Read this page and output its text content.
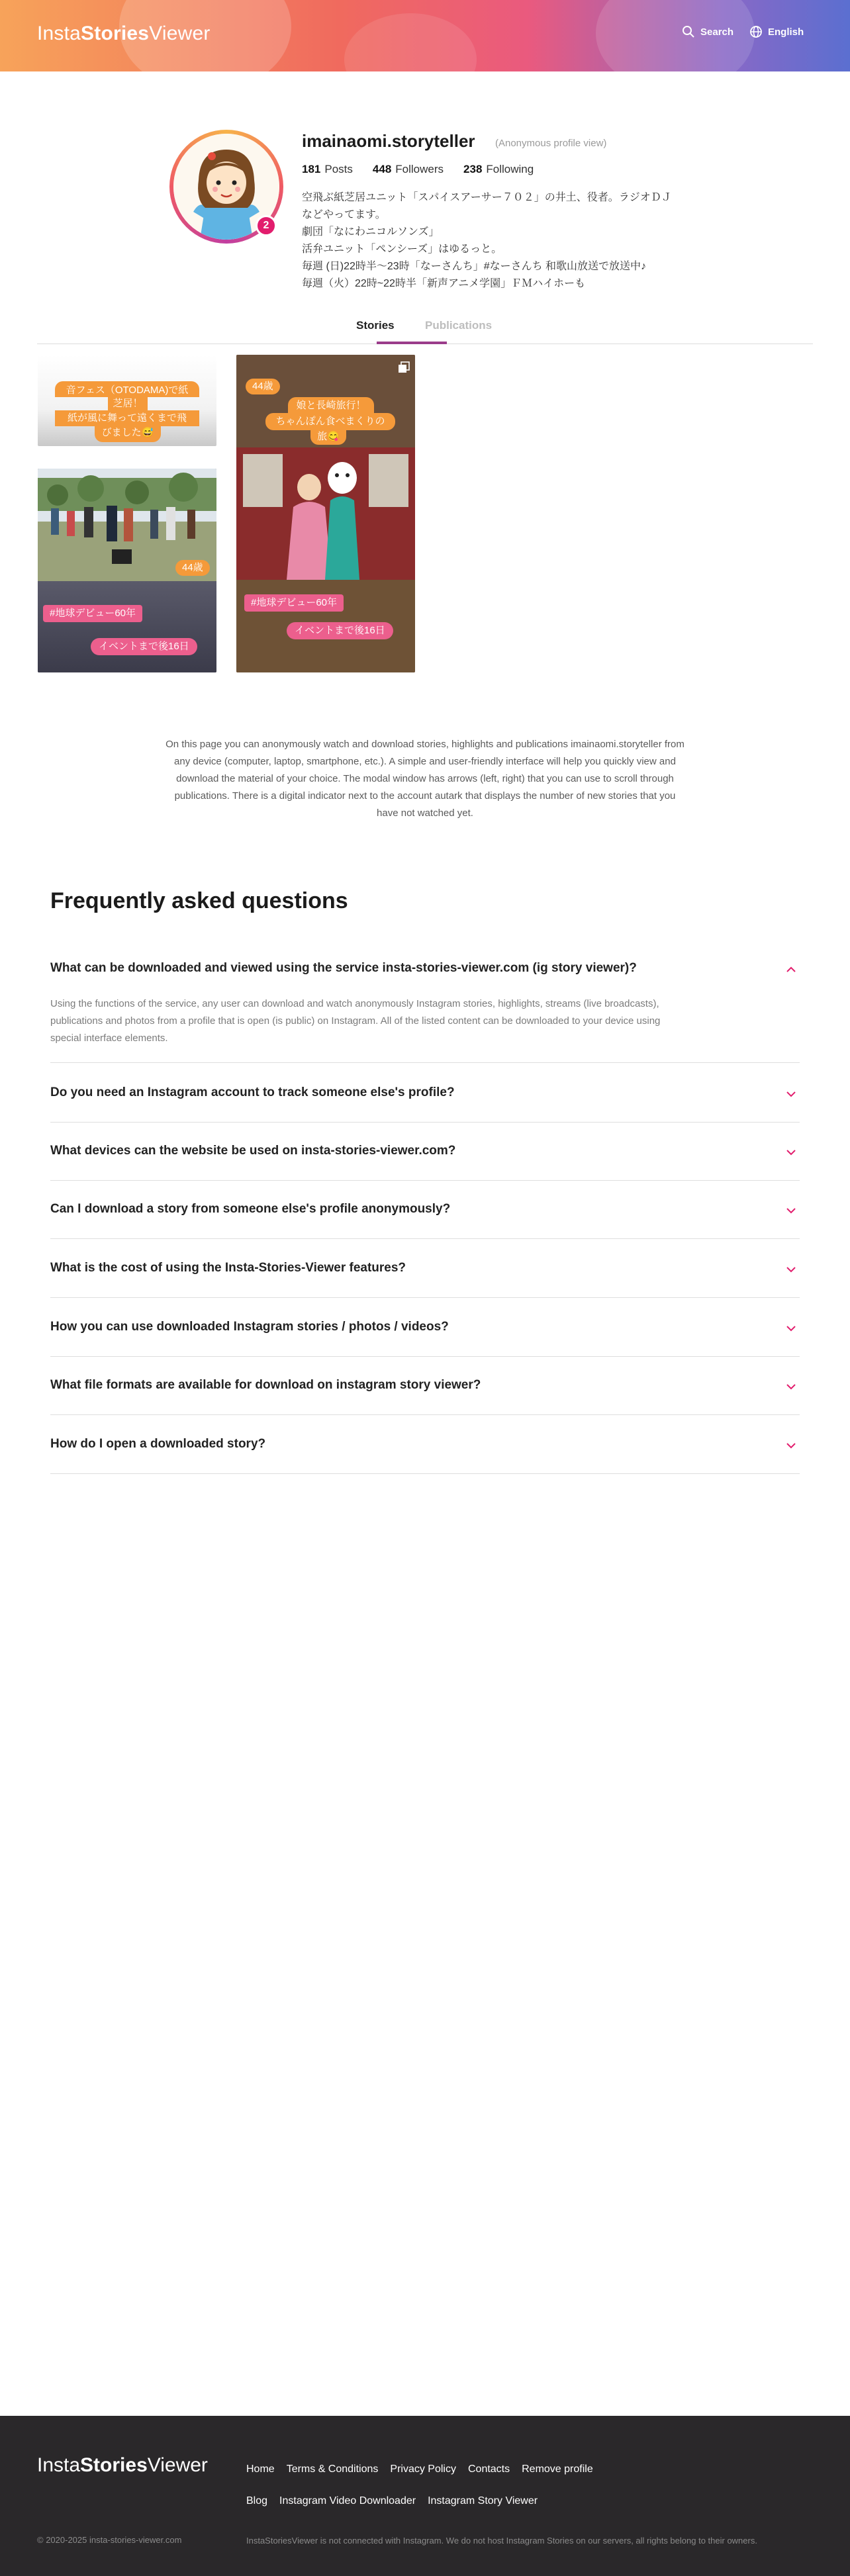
InstaStoriesViewer	Search	English
2
imainaomi.storyteller (Anonymous profile view)
181 Posts 448 Followers 238 Following
空飛ぶ紙芝居ユニット「スパイスアーサー７０２」の井土、役者。ラジオＤＪなどやってます。
劇団「なにわニコルソンズ」
活弁ユニット「ペンシーズ」はゆるっと。
毎週 (日)22時半〜23時「なーさんち」#なーさんち 和歌山放送で放送中♪
毎週（火）22時~22時半「新声アニメ学園」ＦＭハイホーも
Stories	Publications
音フェス（OTODAMA)で紙
芝居！
紙が風に舞って遠くまで飛
びました😅
44歳
#地球デビュー60年
イベントまで後16日
44歳
娘と長崎旅行！
ちゃんぽん食べまくりの
旅😋
#地球デビュー60年
イベントまで後16日
On this page you can anonymously watch and download stories, highlights and publications imainaomi.storyteller from any device (computer, laptop, smartphone, etc.). A simple and user-friendly interface will help you quickly view and download the material of your choice. The modal window has arrows (left, right) that you can use to scroll through publications. There is a digital indicator next to the account autark that displays the number of new stories that you have not watched yet.
Frequently asked questions
What can be downloaded and viewed using the service insta-stories-viewer.com (ig story viewer)?
Using the functions of the service, any user can download and watch anonymously Instagram stories, highlights, streams (live broadcasts), publications and photos from a profile that is open (is public) on Instagram. All of the listed content can be downloaded to your device using special interface elements.
Do you need an Instagram account to track someone else's profile?
What devices can the website be used on insta-stories-viewer.com?
Can I download a story from someone else's profile anonymously?
What is the cost of using the Insta-Stories-Viewer features?
How you can use downloaded Instagram stories / photos / videos?
What file formats are available for download on instagram story viewer?
How do I open a downloaded story?
InstaStoriesViewer	Home Terms & Conditions Privacy Policy Contacts Remove profile
Blog Instagram Video Downloader Instagram Story Viewer
© 2020-2025 insta-stories-viewer.com	InstaStoriesViewer is not connected with Instagram. We do not host Instagram Stories on our servers, all rights belong to their owners.
